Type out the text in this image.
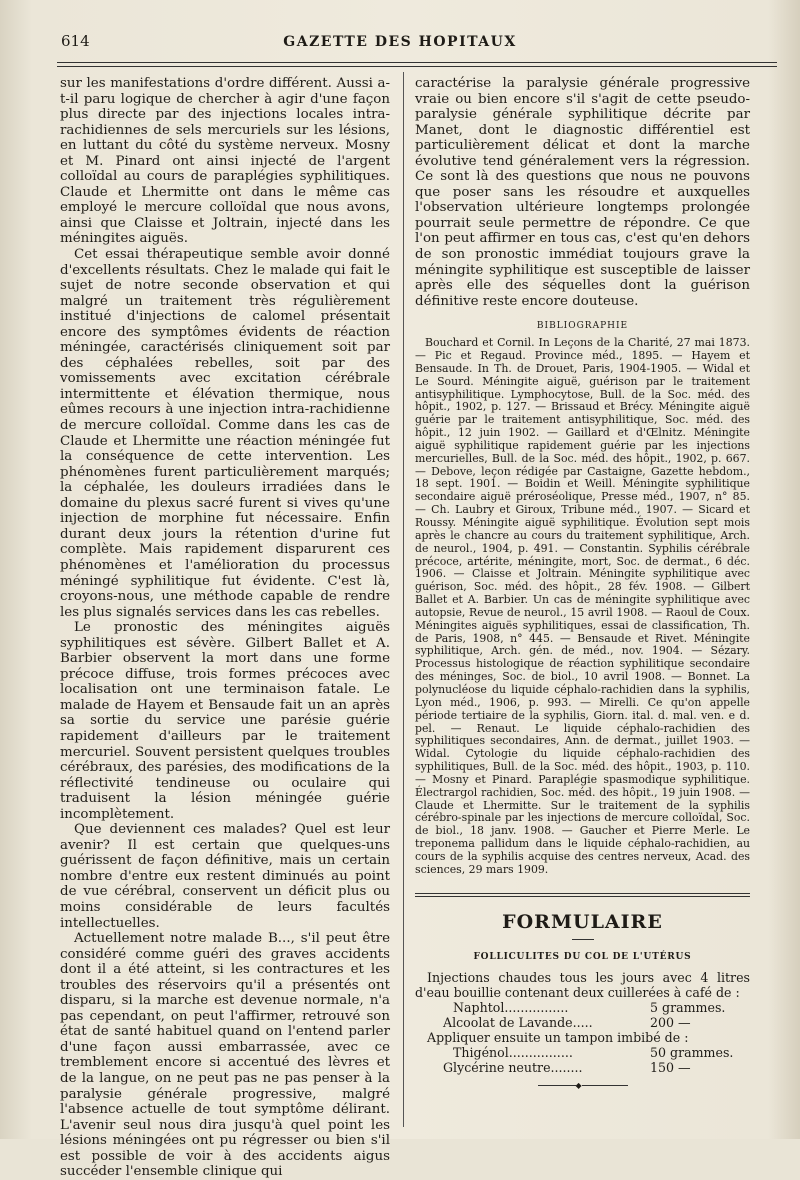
614	GAZETTE DES HOPITAUX

sur les manifestations d'ordre différent. Aussi a-t-il paru logique de chercher à agir d'une façon plus directe par des injections locales intra-rachidiennes de sels mercuriels sur les lésions, en luttant du côté du système nerveux. Mosny et M. Pinard ont ainsi injecté de l'argent colloïdal au cours de paraplégies syphilitiques. Claude et Lhermitte ont dans le même cas employé le mercure colloïdal que nous avons, ainsi que Claisse et Joltrain, injecté dans les méningites aiguës.

Cet essai thérapeutique semble avoir donné d'excellents résultats. Chez le malade qui fait le sujet de notre seconde observation et qui malgré un traitement très régulièrement institué d'injections de calomel présentait encore des symptômes évidents de réaction méningée, caractérisés cliniquement soit par des céphalées rebelles, soit par des vomissements avec excitation cérébrale intermittente et élévation thermique, nous eûmes recours à une injection intra-rachidienne de mercure colloïdal. Comme dans les cas de Claude et Lhermitte une réaction méningée fut la conséquence de cette intervention. Les phénomènes furent particulièrement marqués; la céphalée, les douleurs irradiées dans le domaine du plexus sacré furent si vives qu'une injection de morphine fut nécessaire. Enfin durant deux jours la rétention d'urine fut complète. Mais rapidement disparurent ces phénomènes et l'amélioration du processus méningé syphilitique fut évidente. C'est là, croyons-nous, une méthode capable de rendre les plus signalés services dans les cas rebelles.

Le pronostic des méningites aiguës syphilitiques est sévère. Gilbert Ballet et A. Barbier observent la mort dans une forme précoce diffuse, trois formes précoces avec localisation ont une terminaison fatale. Le malade de Hayem et Bensaude fait un an après sa sortie du service une parésie guérie rapidement d'ailleurs par le traitement mercuriel. Souvent persistent quelques troubles cérébraux, des parésies, des modifications de la réflectivité tendineuse ou oculaire qui traduisent la lésion méningée guérie incomplètement.

Que deviennent ces malades? Quel est leur avenir? Il est certain que quelques-uns guérissent de façon définitive, mais un certain nombre d'entre eux restent diminués au point de vue cérébral, conservent un déficit plus ou moins considérable de leurs facultés intellectuelles.

Actuellement notre malade B..., s'il peut être considéré comme guéri des graves accidents dont il a été atteint, si les contractures et les troubles des réservoirs qu'il a présentés ont disparu, si la marche est devenue normale, n'a pas cependant, on peut l'affirmer, retrouvé son état de santé habituel quand on l'entend parler d'une façon aussi embarrassée, avec ce tremblement encore si accentué des lèvres et de la langue, on ne peut pas ne pas penser à la paralysie générale progressive, malgré l'absence actuelle de tout symptôme délirant. L'avenir seul nous dira jusqu'à quel point les lésions méningées ont pu régresser ou bien s'il est possible de voir à des accidents aigus succéder l'ensemble clinique qui

caractérise la paralysie générale progressive vraie ou bien encore s'il s'agit de cette pseudo-paralysie générale syphilitique décrite par Manet, dont le diagnostic différentiel est particulièrement délicat et dont la marche évolutive tend généralement vers la régression. Ce sont là des questions que nous ne pouvons que poser sans les résoudre et auxquelles l'observation ultérieure longtemps prolongée pourrait seule permettre de répondre. Ce que l'on peut affirmer en tous cas, c'est qu'en dehors de son pronostic immédiat toujours grave la méningite syphilitique est susceptible de laisser après elle des séquelles dont la guérison définitive reste encore douteuse.

BIBLIOGRAPHIE

Bouchard et Cornil. In Leçons de la Charité, 27 mai 1873. — Pic et Regaud. Province méd., 1895. — Hayem et Bensaude. In Th. de Drouet, Paris, 1904-1905. — Widal et Le Sourd. Méningite aiguë, guérison par le traitement antisyphilitique. Lymphocytose, Bull. de la Soc. méd. des hôpit., 1902, p. 127. — Brissaud et Brécy. Méningite aiguë guérie par le traitement antisyphilitique, Soc. méd. des hôpit., 12 juin 1902. — Gaillard et d'Œlnitz. Méningite aiguë syphilitique rapidement guérie par les injections mercurielles, Bull. de la Soc. méd. des hôpit., 1902, p. 667. — Debove, leçon rédigée par Castaigne, Gazette hebdom., 18 sept. 1901. — Boidin et Weill. Méningite syphilitique secondaire aiguë préroséolique, Presse méd., 1907, n° 85. — Ch. Laubry et Giroux, Tribune méd., 1907. — Sicard et Roussy. Méningite aiguë syphilitique. Évolution sept mois après le chancre au cours du traitement syphilitique, Arch. de neurol., 1904, p. 491. — Constantin. Syphilis cérébrale précoce, artérite, méningite, mort, Soc. de dermat., 6 déc. 1906. — Claisse et Joltrain. Méningite syphilitique avec guérison, Soc. méd. des hôpit., 28 fév. 1908. — Gilbert Ballet et A. Barbier. Un cas de méningite syphilitique avec autopsie, Revue de neurol., 15 avril 1908. — Raoul de Coux. Méningites aiguës syphilitiques, essai de classification, Th. de Paris, 1908, n° 445. — Bensaude et Rivet. Méningite syphilitique, Arch. gén. de méd., nov. 1904. — Sézary. Processus histologique de réaction syphilitique secondaire des méninges, Soc. de biol., 10 avril 1908. — Bonnet. La polynucléose du liquide céphalo-rachidien dans la syphilis, Lyon méd., 1906, p. 993. — Mirelli. Ce qu'on appelle période tertiaire de la syphilis, Giorn. ital. d. mal. ven. e d. pel. — Renaut. Le liquide céphalo-rachidien des syphilitiques secondaires, Ann. de dermat., juillet 1903. — Widal. Cytologie du liquide céphalo-rachidien des syphilitiques, Bull. de la Soc. méd. des hôpit., 1903, p. 110. — Mosny et Pinard. Paraplégie spasmodique syphilitique. Électrargol rachidien, Soc. méd. des hôpit., 19 juin 1908. — Claude et Lhermitte. Sur le traitement de la syphilis cérébro-spinale par les injections de mercure colloïdal, Soc. de biol., 18 janv. 1908. — Gaucher et Pierre Merle. Le treponema pallidum dans le liquide céphalo-rachidien, au cours de la syphilis acquise des centres nerveux, Acad. des sciences, 29 mars 1909.

FORMULAIRE
FOLLICULITES DU COL DE L'UTÉRUS

Injections chaudes tous les jours avec 4 litres d'eau bouillie contenant deux cuillerées à café de :

Naphtol................	5 grammes.
Alcoolat de Lavande.....	200 —

Appliquer ensuite un tampon imbibé de :

Thigénol................	50 grammes.
Glycérine neutre........	150 —
◆
